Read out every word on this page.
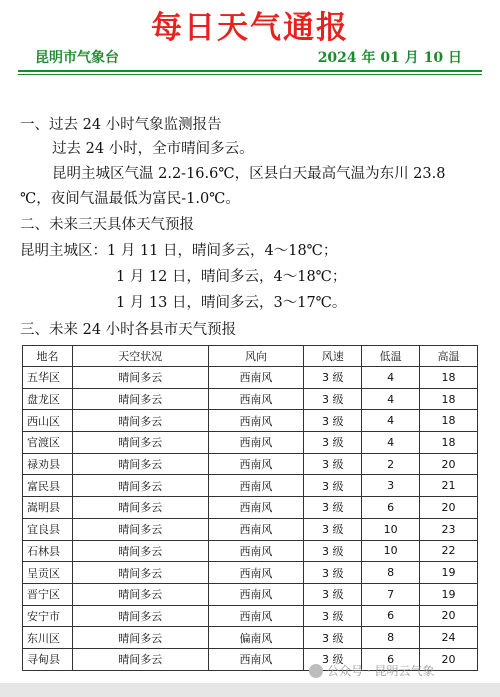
每日天气通报
昆明市气象台	2024 年 01 月 10 日
一、过去 24 小时气象监测报告
过去 24 小时，全市晴间多云。
昆明主城区气温 2.2-16.6℃，区县白天最高气温为东川 23.8
℃，夜间气温最低为富民-1.0℃。
二、未来三天具体天气预报
昆明主城区：1 月 11 日，晴间多云，4～18℃；
1 月 12 日，晴间多云，4～18℃；
1 月 13 日，晴间多云，3～17℃。
三、未来 24 小时各县市天气预报
地名	天空状况	风向	风速	低温	高温
五华区	晴间多云	西南风	3 级	4	18
盘龙区	晴间多云	西南风	3 级	4	18
西山区	晴间多云	西南风	3 级	4	18
官渡区	晴间多云	西南风	3 级	4	18
禄劝县	晴间多云	西南风	3 级	2	20
富民县	晴间多云	西南风	3 级	3	21
嵩明县	晴间多云	西南风	3 级	6	20
宜良县	晴间多云	西南风	3 级	10	23
石林县	晴间多云	西南风	3 级	10	22
呈贡区	晴间多云	西南风	3 级	8	19
晋宁区	晴间多云	西南风	3 级	7	19
安宁市	晴间多云	西南风	3 级	6	20
东川区	晴间多云	偏南风	3 级	8	24
寻甸县	晴间多云	西南风	3 级	6	20
公众号 · 昆明云气象
